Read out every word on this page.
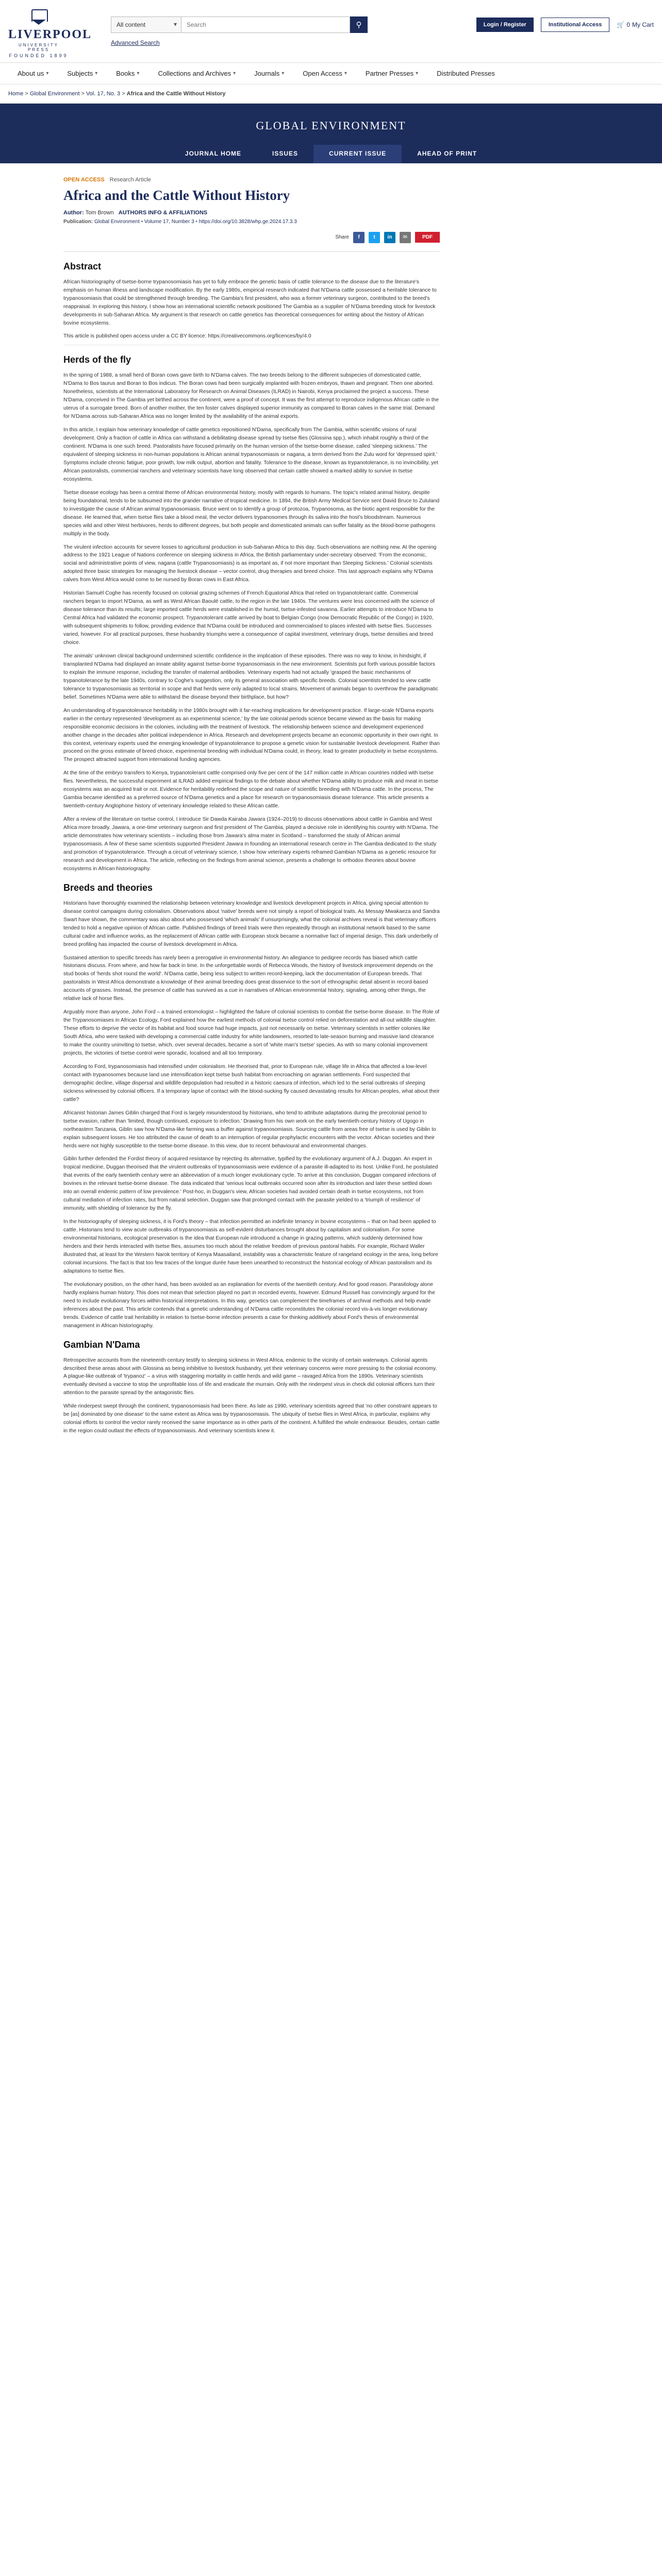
LIVERPOOL
UNIVERSITY PRESS
FOUNDED 1899
All content ▾
Search	⚲
Advanced Search
Login / Register	Institutional Access	🛒 0 My Cart
About us ▾	Subjects ▾	Books ▾	Collections and Archives ▾	Journals ▾	Open Access ▾	Partner Presses ▾	Distributed Presses
Home > Global Environment > Vol. 17, No. 3 > Africa and the Cattle Without History
GLOBAL ENVIRONMENT
JOURNAL HOME	ISSUES	CURRENT ISSUE	AHEAD OF PRINT
OPEN ACCESS Research Article
Africa and the Cattle Without History
Author: Tom Brown AUTHORS INFO & AFFILIATIONS
Publication: Global Environment • Volume 17, Number 3 • https://doi.org/10.3828/whp.ge.2024.17.3.3
Share	f	t	in	✉	PDF
Abstract

African historiography of tsetse-borne trypanosomiasis has yet to fully embrace the genetic basis of cattle tolerance to the disease due to the literature's emphasis on human illness and landscape modification. By the early 1980s, empirical research indicated that N'Dama cattle possessed a heritable tolerance to trypanosomiasis that could be strengthened through breeding. The Gambia's first president, who was a former veterinary surgeon, contributed to the breed's reappraisal. In exploring this history, I show how an international scientific network positioned The Gambia as a supplier of N'Dama breeding stock for livestock developments in sub-Saharan Africa. My argument is that research on cattle genetics has theoretical consequences for writing about the history of African bovine ecosystems.

This article is published open access under a CC BY licence: https://creativecommons.org/licences/by/4.0

Herds of the fly

In the spring of 1988, a small herd of Boran cows gave birth to N'Dama calves. The two breeds belong to the different subspecies of domesticated cattle, N'Dama to Bos taurus and Boran to Bos indicus. The Boran cows had been surgically implanted with frozen embryos, thawn and pregnant. Then one aborted. Nonetheless, scientists at the International Laboratory for Research on Animal Diseases (ILRAD) in Nairobi, Kenya proclaimed the project a success. These N'Dama, conceived in The Gambia yet birthed across the continent, were a proof of concept. It was the first attempt to reproduce indigenous African cattle in the uterus of a surrogate breed. Born of another mother, the ten foster calves displayed superior immunity as compared to Boran calves in the same trial. Demand for N'Dama across sub-Saharan Africa was no longer limited by the availability of the animal exports.

In this article, I explain how veterinary knowledge of cattle genetics repositioned N'Dama, specifically from The Gambia, within scientific visions of rural development. Only a fraction of cattle in Africa can withstand a debilitating disease spread by tsetse flies (Glossina spp.), which inhabit roughly a third of the continent. N'Dama is one such breed. Pastoralists have focused primarily on the human version of the tsetse-borne disease, called 'sleeping sickness.' The equivalent of sleeping sickness in non-human populations is African animal trypanosomiasis or nagana, a term derived from the Zulu word for 'depressed spirit.' Symptoms include chronic fatigue, poor growth, low milk output, abortion and fatality. Tolerance to the disease, known as trypanotolerance, is no invincibility, yet African pastoralists, commercial ranchers and veterinary scientists have long observed that certain cattle showed a marked ability to survive in tsetse ecosystems.

Tsetse disease ecology has been a central theme of African environmental history, mostly with regards to humans. The topic's related animal history, despite being foundational, tends to be subsumed into the grander narrative of tropical medicine. In 1894, the British Army Medical Service sent David Bruce to Zululand to investigate the cause of African animal trypanosomiasis. Bruce went on to identify a group of protozoa, Trypanosoma, as the biotic agent responsible for the disease. He learned that, when tsetse flies take a blood meal, the vector delivers trypanosomes through its saliva into the host's bloodstream. Numerous species wild and other West herbivores, herds to different degrees, but both people and domesticated animals can suffer fatality as the blood-borne pathogens multiply in the body.

The virulent infection accounts for severe losses to agricultural production in sub-Saharan Africa to this day. Such observations are nothing new. At the opening address to the 1921 League of Nations conference on sleeping sickness in Africa, the British parliamentary under-secretary observed: 'From the economic, social and administrative points of view, nagana (cattle Trypanosomiasis) is as important as, if not more important than Sleeping Sickness.' Colonial scientists adopted three basic strategies for managing the livestock disease – vector control, drug therapies and breed choice. This last approach explains why N'Dama calves from West Africa would come to be nursed by Boran cows in East Africa.

Historian Samuël Coghe has recently focused on colonial grazing schemes of French Equatorial Africa that relied on trypanotolerant cattle. Commercial ranchers began to import N'Dama, as well as West African Baoulé cattle, to the region in the late 1940s. The ventures were less concerned with the science of disease tolerance than its results; large imported cattle herds were established in the humid, tsetse-infested savanna. Earlier attempts to introduce N'Dama to Central Africa had validated the economic prospect. Trypanotolerant cattle arrived by boat to Belgian Congo (now Democratic Republic of the Congo) in 1920, with subsequent shipments to follow, providing evidence that N'Dama could be introduced and commercialised to places infested with tsetse flies. Successes varied, however. For all practical purposes, these husbandry triumphs were a consequence of capital investment, veterinary drugs, tsetse densities and breed choice.

The animals' unknown clinical background undermined scientific confidence in the implication of these episodes. There was no way to know, in hindsight, if transplanted N'Dama had displayed an innate ability against tsetse-borne trypanosomiasis in the new environment. Scientists put forth various possible factors to explain the immune response, including the transfer of maternal antibodies. Veterinary experts had not actually 'grasped the basic mechanisms of trypanotolerance by the late 1940s, contrary to Coghe's suggestion, only its general association with specific breeds. Colonial scientists tended to view cattle tolerance to trypanosomiasis as territorial in scope and that herds were only adapted to local strains. Movement of animals began to overthrow the paradigmatic belief. Sometimes N'Dama were able to withstand the disease beyond their birthplace, but how?

An understanding of trypanotolerance heritability in the 1980s brought with it far-reaching implications for development practice. If large-scale N'Dama exports earlier in the century represented 'development as an experimental science,' by the late colonial periods science became viewed as the basis for making responsible economic decisions in the colonies, including with the treatment of livestock. The relationship between science and development experienced another change in the decades after political independence in Africa. Research and development projects became an economic opportunity in their own right. In this context, veterinary experts used the emerging knowledge of trypanotolerance to propose a genetic vision for sustainable livestock development. Rather than proceed on the gross estimate of breed choice, experimental breeding with individual N'Dama could, in theory, lead to greater productivity in tsetse ecosystems. The prospect attracted support from international funding agencies.

At the time of the embryo transfers to Kenya, trypanotolerant cattle comprised only five per cent of the 147 million cattle in African countries riddled with tsetse flies. Nevertheless, the successful experiment at ILRAD added empirical findings to the debate about whether N'Dama ability to produce milk and meat in tsetse ecosystems was an acquired trait or not. Evidence for heritability redefined the scope and nature of scientific breeding with N'Dama cattle. In the process, The Gambia became identified as a preferred source of N'Dama genetics and a place for research on trypanosomiasis disease tolerance. This article presents a twentieth-century Anglophone history of veterinary knowledge related to these African cattle.

After a review of the literature on tsetse control, I introduce Sir Dawda Kairaba Jawara (1924–2019) to discuss observations about cattle in Gambia and West Africa more broadly. Jawara, a one-time veterinary surgeon and first president of The Gambia, played a decisive role in identifying his country with N'Dama. The article demonstrates how veterinary scientists – including those from Jawara's alma mater in Scotland – transformed the study of African animal trypanosomiasis. A few of these same scientists supported President Jawara in founding an international research centre in The Gambia dedicated to the study and promotion of trypanotolerance. Through a circuit of veterinary science, I show how veterinary experts reframed Gambian N'Dama as a genetic resource for research and development in Africa. The article, reflecting on the findings from animal science, presents a challenge to orthodox theories about bovine ecosystems in African historiography.

Breeds and theories

Historians have thoroughly examined the relationship between veterinary knowledge and livestock development projects in Africa, giving special attention to disease control campaigns during colonialism. Observations about 'native' breeds were not simply a report of biological traits. As Messay Mwakaeza and Sandra Swart have shown, the commentary was also about who possessed 'which animals' if unsurprisingly, what the colonial archives reveal is that veterinary officers tended to hold a negative opinion of African cattle. Published findings of breed trials were then repeatedly through an institutional network based to the same cultural cadre and influence works, as the replacement of African cattle with European stock became a normative fact of imperial design. This dark underbelly of breed profiling has impacted the course of livestock development in Africa.

Sustained attention to specific breeds has rarely been a prerogative in environmental history. An allegiance to pedigree records has biased which cattle historians discuss. From where, and how far back in time. In the unforgettable words of Rebecca Woods, the history of livestock improvement depends on the stud books of 'herds shot round the world'. N'Dama cattle, being less subject to written record-keeping, lack the documentation of European breeds. That pastoralists in West Africa demonstrate a knowledge of their animal breeding does great disservice to the sort of ethnographic detail absent in record-based accounts of grasses. Instead, the presence of cattle has survived as a cue in narratives of African environmental history, signaling, among other things, the relative lack of horse flies.

Arguably more than anyone, John Ford – a trained entomologist – highlighted the failure of colonial scientists to combat the tsetse-borne disease. In The Role of the Trypanosomiases in African Ecology, Ford explained how the earliest methods of colonial tsetse control relied on deforestation and all-out wildlife slaughter. These efforts to deprive the vector of its habitat and food source had huge impacts, just not necessarily on tsetse. Veterinary scientists in settler colonies like South Africa, who were tasked with developing a commercial cattle industry for white landowners, resorted to late-season burning and massive land clearance to make the country uninviting to tsetse, which, over several decades, became a sort of 'white man's tsetse' species. As with so many colonial improvement projects, the victories of tsetse control were sporadic, localised and all too temporary.

According to Ford, trypanosomiasis had intensified under colonialism. He theorised that, prior to European rule, village life in Africa that affected a low-level contact with trypanosomes because land use intensification kept tsetse bush habitat from encroaching on agrarian settlements. Ford suspected that demographic decline, village dispersal and wildlife depopulation had resulted in a historic caesura of infection, which led to the serial outbreaks of sleeping sickness witnessed by colonial officers. If a temporary lapse of contact with the blood-sucking fly caused devastating results for African peoples, what about their cattle?

Africanist historian James Giblin charged that Ford is largely misunderstood by historians, who tend to attribute adaptations during the precolonial period to tsetse evasion, rather than 'limited, though continued, exposure to infection.' Drawing from his own work on the early twentieth-century history of Ugogo in northeastern Tanzania, Giblin saw how N'Dama-like farming was a buffer against trypanosomiasis. Sourcing cattle from areas free of tsetse is used by Giblin to explain subsequent losses. He too attributed the cause of death to an interruption of regular prophylactic encounters with the vector. African societies and their herds were not highly susceptible to the tsetse-borne disease. In this view, due to recent behavioural and environmental changes.

Giblin further defended the Fordist theory of acquired resistance by rejecting its alternative, typified by the evolutionary argument of A.J. Duggan. An expert in tropical medicine, Duggan theorised that the virulent outbreaks of trypanosomiasis were evidence of a parasite ill-adapted to its host. Unlike Ford, he postulated that events of the early twentieth century were an abbreviation of a much longer evolutionary cycle. To arrive at this conclusion, Duggan compared infections of bovines in the relevant tsetse-borne disease. The data indicated that 'serious local outbreaks occurred soon after its introduction and later these settled down into an overall endemic pattern of low prevalence.' Post-hoc, in Duggan's view, African societies had avoided certain death in tsetse ecosystems, not from cultural mediation of infection rates, but from natural selection. Duggan saw that prolonged contact with the parasite yielded to a 'triumph of resilience' of immunity, with shielding of tolerance by the fly.

In the historiography of sleeping sickness, it is Ford's theory – that infection permitted an indefinite tenancy in bovine ecosystems – that on had been applied to cattle. Historians tend to view acute outbreaks of trypanosomiasis as self-evident disturbances brought about by capitalism and colonialism. For some environmental historians, ecological preservation is the idea that European rule introduced a change in grazing patterns, which suddenly determined how herders and their herds interacted with tsetse flies, assumes too much about the relative freedom of previous pastoral habits. For example, Richard Waller illustrated that, at least for the Western Narok territory of Kenya Maasailand, instability was a characteristic feature of rangeland ecology in the area, long before colonial incursions. The fact is that too few traces of the longue durée have been unearthed to reconstruct the historical ecology of African pastoralism and its adaptations to tsetse flies.

The evolutionary position, on the other hand, has been avoided as an explanation for events of the twentieth century. And for good reason. Parasitology alone hardly explains human history. This does not mean that selection played no part in recorded events, however. Edmund Russell has convincingly argued for the need to include evolutionary forces within historical interpretations. In this way, genetics can complement the timeframes of archival methods and help evade inferences about the past. This article contends that a genetic understanding of N'Dama cattle reconstitutes the colonial record vis-à-vis longer evolutionary trends. Evidence of cattle trait heritability in relation to tsetse-borne infection presents a case for thinking additively about Ford's thesis of environmental management in African historiography.

Gambian N'Dama

Retrospective accounts from the nineteenth century testify to sleeping sickness in West Africa, endemic to the vicinity of certain waterways. Colonial agents described these areas about with Glossina as being inhibitive to livestock husbandry, yet their veterinary concerns were more pressing to the colonial economy. A plague-like outbreak of 'trypanoz' – a virus with staggering mortality in cattle herds and wild game – ravaged Africa from the 1890s. Veterinary scientists eventually devised a vaccine to stop the unprofitable loss of life and eradicate the murrain. Only with the rinderpest virus in check did colonial officers turn their attention to the parasite spread by the antagonistic flies.

While rinderpest swept through the continent, trypanosomiasis had been there. As late as 1990, veterinary scientists agreed that 'no other constraint appears to be [as] dominated by one disease' to the same extent as Africa was by trypanosomiasis. The ubiquity of tsetse flies in West Africa, in particular, explains why colonial efforts to control the vector rarely received the same importance as in other parts of the continent. A fulfilled the whole endeavour. Besides, certain cattle in the region could outlast the effects of trypanosomiasis. And veterinary scientists knew it.
